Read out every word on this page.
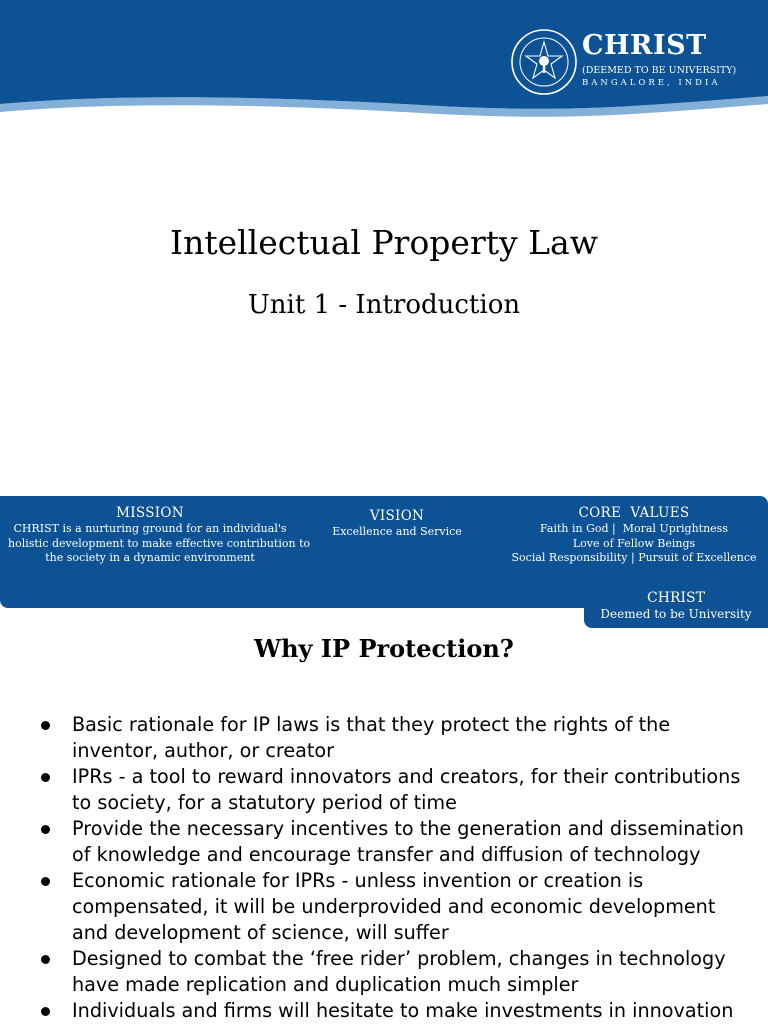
CHRIST
(DEEMED TO BE UNIVERSITY)
BANGALORE, INDIA
Intellectual Property Law
Unit 1 - Introduction
MISSION
CHRIST is a nurturing ground for an individual's
holistic development to make effective contribution to
the society in a dynamic environment
VISION
Excellence and Service
CORE  VALUES
Faith in God |  Moral Uprightness
Love of Fellow Beings
Social Responsibility | Pursuit of Excellence
CHRIST
Deemed to be University
Why IP Protection?
Basic rationale for IP laws is that they protect the rights of the inventor, author, or creator
IPRs - a tool to reward innovators and creators, for their contributions to society, for a statutory period of time
Provide the necessary incentives to the generation and dissemination of knowledge and encourage transfer and diffusion of technology
Economic rationale for IPRs - unless invention or creation is compensated, it will be underprovided and economic development and development of science, will suffer
Designed to combat the ‘free rider’ problem, changes in technology have made replication and duplication much simpler
Individuals and firms will hesitate to make investments in innovation
